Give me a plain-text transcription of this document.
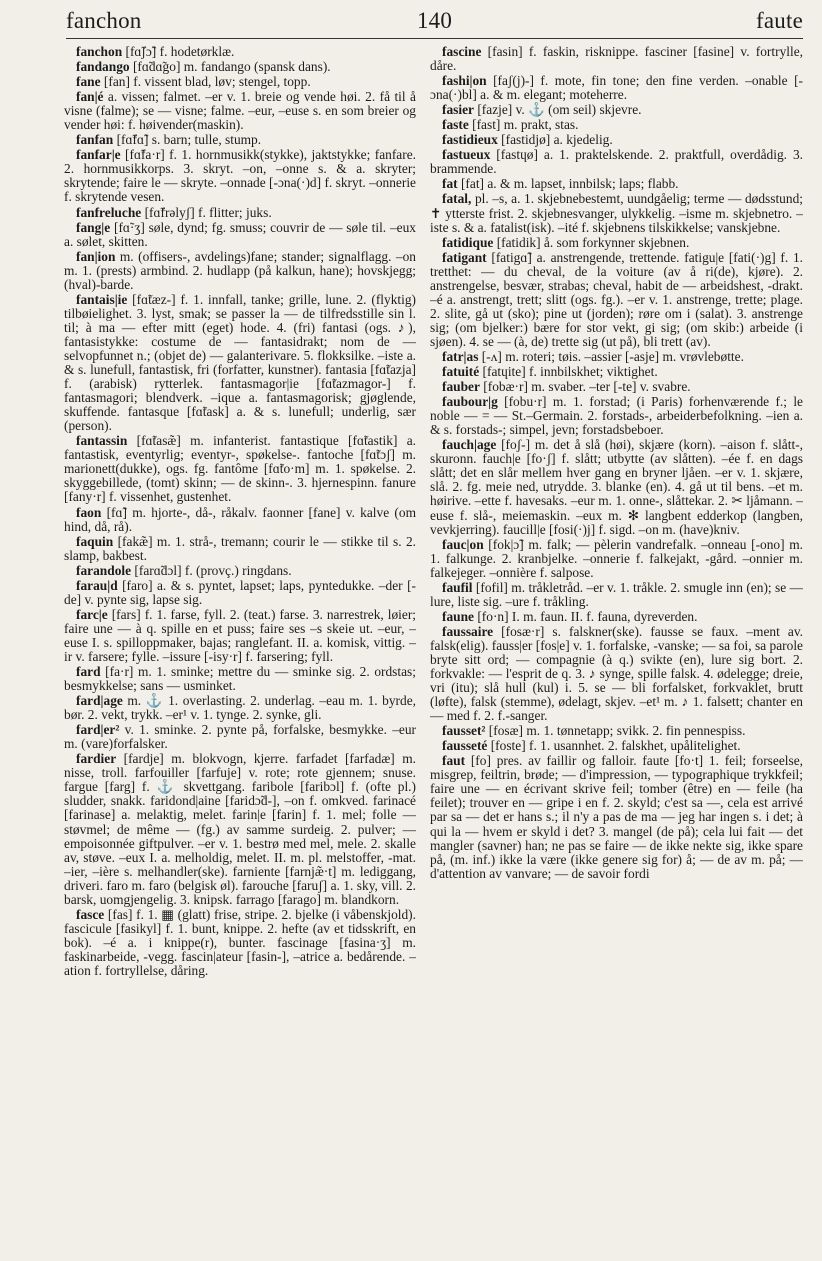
fanchon	140	faute

fanchon [fɑ̃ʃɔ̃] f. hodetørklæ.

fandango [fɑ̃dɑ̃go] m. fandango (spansk dans).

fane [fan] f. vissent blad, løv; stengel, topp.

fan|é a. vissen; falmet. –er v. 1. breie og vende høi. 2. få til å visne (falme); se — visne; falme. –eur, –euse s. en som breier og vender høi: f. høivender(maskin).

fanfan [fɑ̃fɑ̃] s. barn; tulle, stump.

fanfar|e [fɑ̃fa·r] f. 1. hornmusikk(stykke), jaktstykke; fanfare. 2. hornmusikkorps. 3. skryt. –on, –onne s. & a. skryter; skrytende; faire le — skryte. –onnade [-ɔna(·)d] f. skryt. –onnerie f. skrytende vesen.

fanfreluche [fɑ̃frəlyʃ] f. flitter; juks.

fang|e [fɑ̃·ʒ] søle, dynd; fg. smuss; couvrir de — søle til. –eux a. sølet, skitten.

fan|ion m. (offisers-, avdelings)fane; stander; signalflagg. –on m. 1. (prests) armbind. 2. hudlapp (på kalkun, hane); hovskjegg; (hval)-barde.

fantais|ie [fɑ̃tæz-] f. 1. innfall, tanke; grille, lune. 2. (flyktig) tilbøielighet. 3. lyst, smak; se passer la — de tilfredsstille sin l. til; à ma — efter mitt (eget) hode. 4. (fri) fantasi (ogs. ♪), fantasistykke: costume de — fantasidrakt; nom de — selvopfunnet n.; (objet de) — galanterivare. 5. flokksilke. –iste a. & s. lunefull, fantastisk, fri (forfatter, kunstner). fantasia [fɑ̃tazja] f. (arabisk) rytterlek. fantasmagor|ie [fɑ̃tazmagor-] f. fantasmagori; blendverk. –ique a. fantasmagorisk; gjøglende, skuffende. fantasque [fɑ̃task] a. & s. lunefull; underlig, sær (person).

fantassin [fɑ̃tasæ̃] m. infanterist. fantastique [fɑ̃tastik] a. fantastisk, eventyrlig; eventyr-, spøkelse-. fantoche [fɑ̃tɔʃ] m. marionett(dukke), ogs. fg. fantôme [fɑ̃to·m] m. 1. spøkelse. 2. skyggebillede, (tomt) skinn; — de skinn-. 3. hjernespinn. fanure [fany·r] f. vissenhet, gustenhet.

faon [fɑ̃] m. hjorte-, då-, råkalv. faonner [fane] v. kalve (om hind, då, rå).

faquin [fakæ̃] m. 1. strå-, tremann; courir le — stikke til s. 2. slamp, bakbest.

farandole [farɑ̃dɔl] f. (provç.) ringdans.

farau|d [faro] a. & s. pyntet, lapset; laps, pyntedukke. –der [-de] v. pynte sig, lapse sig.

farc|e [fars] f. 1. farse, fyll. 2. (teat.) farse. 3. narrestrek, løier; faire une — à q. spille en et puss; faire ses –s skeie ut. –eur, –euse I. s. spilloppmaker, bajas; ranglefant. II. a. komisk, vittig. –ir v. farsere; fylle. –issure [-isy·r] f. farsering; fyll.

fard [fa·r] m. 1. sminke; mettre du — sminke sig. 2. ordstas; besmykkelse; sans — usminket.

fard|age m. ⚓ 1. overlasting. 2. underlag. –eau m. 1. byrde, bør. 2. vekt, trykk. –er¹ v. 1. tynge. 2. synke, gli.

fard|er² v. 1. sminke. 2. pynte på, forfalske, besmykke. –eur m. (vare)forfalsker.

fardier [fardje] m. blokvogn, kjerre. farfadet [farfadæ] m. nisse, troll. farfouiller [farfuje] v. rote; rote gjennem; snuse. fargue [farg] f. ⚓ skvettgang. faribole [faribɔl] f. (ofte pl.) sludder, snakk. faridond|aine [faridɔ̃d-], –on f. omkved. farinacé [farinase] a. melaktig, melet. farin|e [farin] f. 1. mel; folle — støvmel; de même — (fg.) av samme surdeig. 2. pulver; — empoisonnée giftpulver. –er v. 1. bestrø med mel, mele. 2. skalle av, støve. –eux I. a. melholdig, melet. II. m. pl. melstoffer, -mat. –ier, –ière s. melhandler(ske). farniente [farnjæ̃·t] m. lediggang, driveri. faro m. faro (belgisk øl). farouche [faruʃ] a. 1. sky, vill. 2. barsk, uomgjengelig. 3. knipsk. farrago [farago] m. blandkorn.

fasce [fas] f. 1. ▦ (glatt) frise, stripe. 2. bjelke (i våbenskjold). fascicule [fasikyl] f. 1. bunt, knippe. 2. hefte (av et tidsskrift, en bok). –é a. i knippe(r), bunter. fascinage [fasina·ʒ] m. faskinarbeide, -vegg. fascin|ateur [fasin-], –atrice a. bedårende. –ation f. fortryllelse, dåring.

fascine [fasin] f. faskin, risknippe. fasciner [fasine] v. fortrylle, dåre.

fashi|on [faʃ(j)-] f. mote, fin tone; den fine verden. –onable [-ɔna(·)bl] a. & m. elegant; moteherre.

fasier [fazje] v. ⚓ (om seil) skjevre.

faste [fast] m. prakt, stas.

fastidieux [fastidjø] a. kjedelig.

fastueux [fastɥø] a. 1. praktelskende. 2. praktfull, overdådig. 3. brammende.

fat [fat] a. & m. lapset, innbilsk; laps; flabb.

fatal, pl. –s, a. 1. skjebnebestemt, uundgåelig; terme — dødsstund; ✝ ytterste frist. 2. skjebnesvanger, ulykkelig. –isme m. skjebnetro. –iste s. & a. fatalist(isk). –ité f. skjebnens tilskikkelse; vanskjebne.

fatidique [fatidik] å. som forkynner skjebnen.

fatigant [fatigɑ̃] a. anstrengende, trettende. fatigu|e [fati(·)g] f. 1. tretthet: — du cheval, de la voiture (av å ri(de), kjøre). 2. anstrengelse, besvær, strabas; cheval, habit de — arbeidshest, -drakt. –é a. anstrengt, trett; slitt (ogs. fg.). –er v. 1. anstrenge, trette; plage. 2. slite, gå ut (sko); pine ut (jorden); røre om i (salat). 3. anstrenge sig; (om bjelker:) bære for stor vekt, gi sig; (om skib:) arbeide (i sjøen). 4. se — (à, de) trette sig (ut på), bli trett (av).

fatr|as [-ʌ] m. roteri; tøis. –assier [-asje] m. vrøvlebøtte.

fatuité [fatɥite] f. innbilskhet; viktighet.

fauber [fobæ·r] m. svaber. –ter [-te] v. svabre.

faubour|g [fobu·r] m. 1. forstad; (i Paris) forhenværende f.; le noble — = — St.–Germain. 2. forstads-, arbeiderbefolkning. –ien a. & s. forstads-; simpel, jevn; forstadsbeboer.

fauch|age [foʃ-] m. det å slå (høi), skjære (korn). –aison f. slått-, skuronn. fauch|e [fo·ʃ] f. slått; utbytte (av slåtten). –ée f. en dags slått; det en slår mellem hver gang en bryner ljåen. –er v. 1. skjære, slå. 2. fg. meie ned, utrydde. 3. blanke (en). 4. gå ut til bens. –et m. høirive. –ette f. havesaks. –eur m. 1. onne-, slåttekar. 2. ✂ ljåmann. –euse f. slå-, meiemaskin. –eux m. ✻ langbent edderkop (langben, vevkjerring). faucill|e [fosi(·)j] f. sigd. –on m. (have)kniv.

fauc|on [fok|ɔ̃] m. falk; — pèlerin vandrefalk. –onneau [-ono] m. 1. falkunge. 2. kranbjelke. –onnerie f. falkejakt, -gård. –onnier m. falkejeger. –onnière f. salpose.

faufil [fofil] m. tråkletråd. –er v. 1. tråkle. 2. smugle inn (en); se — lure, liste sig. –ure f. tråkling.

faune [fo·n] I. m. faun. II. f. fauna, dyreverden.

faussaire [fosæ·r] s. falskner(ske). fausse se faux. –ment av. falsk(elig). fauss|er [fos|e] v. 1. forfalske, -vanske; — sa foi, sa parole bryte sitt ord; — compagnie (à q.) svikte (en), lure sig bort. 2. forkvakle: — l'esprit de q. 3. ♪ synge, spille falsk. 4. ødelegge; dreie, vri (itu); slå hull (kul) i. 5. se — bli forfalsket, forkvaklet, brutt (løfte), falsk (stemme), ødelagt, skjev. –et¹ m. ♪ 1. falsett; chanter en — med f. 2. f.-sanger.

fausset² [fosæ] m. 1. tønnetapp; svikk. 2. fin pennespiss.

fausseté [foste] f. 1. usannhet. 2. falskhet, upålitelighet.

faut [fo] pres. av faillir og falloir. faute [fo·t] 1. feil; forseelse, misgrep, feiltrin, brøde; — d'impression, — typographique trykkfeil; faire une — en écrivant skrive feil; tomber (être) en — feile (ha feilet); trouver en — gripe i en f. 2. skyld; c'est sa —, cela est arrivé par sa — det er hans s.; il n'y a pas de ma — jeg har ingen s. i det; à qui la — hvem er skyld i det? 3. mangel (de på); cela lui fait — det mangler (savner) han; ne pas se faire — de ikke nekte sig, ikke spare på, (m. inf.) ikke la være (ikke genere sig for) å; — de av m. på; — d'attention av vanvare; — de savoir fordi
